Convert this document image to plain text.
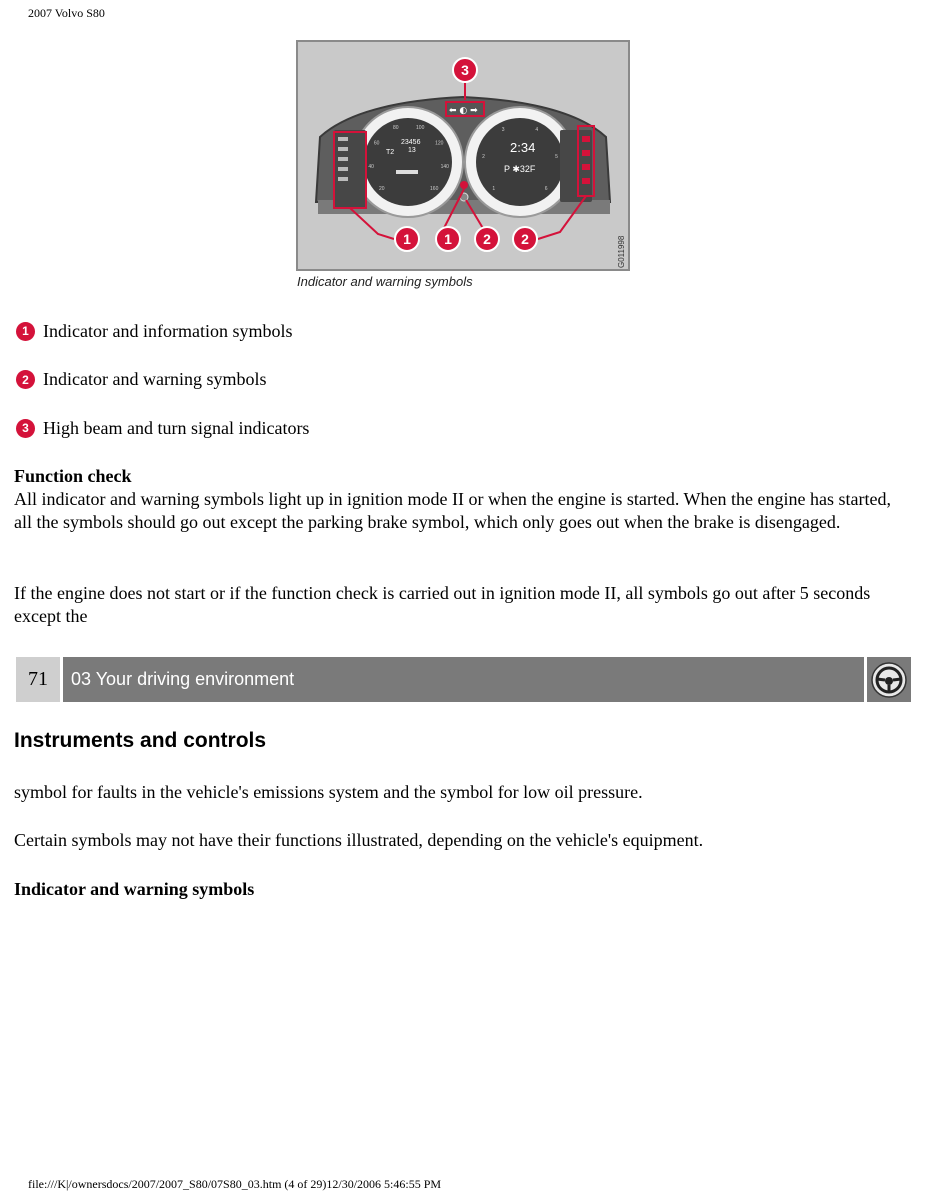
2007 Volvo S80
20
40
60
80	100
120
140
160
23456
T2 13
1
2
3	4
5
6
2:34
P ✱32F
⬅ ◐ ➡
3
1 1 2 2	G011998
Indicator and warning symbols
1 Indicator and information symbols
2 Indicator and warning symbols
3 High beam and turn signal indicators
Function check
All indicator and warning symbols light up in ignition mode II or when the engine is started. When the engine has started, all the symbols should go out except the parking brake symbol, which only goes out when the brake is disengaged.
If the engine does not start or if the function check is carried out in ignition mode II, all symbols go out after 5 seconds except the
71	03 Your driving environment
Instruments and controls
symbol for faults in the vehicle's emissions system and the symbol for low oil pressure.
Certain symbols may not have their functions illustrated, depending on the vehicle's equipment.
Indicator and warning symbols
file:///K|/ownersdocs/2007/2007_S80/07S80_03.htm (4 of 29)12/30/2006 5:46:55 PM
